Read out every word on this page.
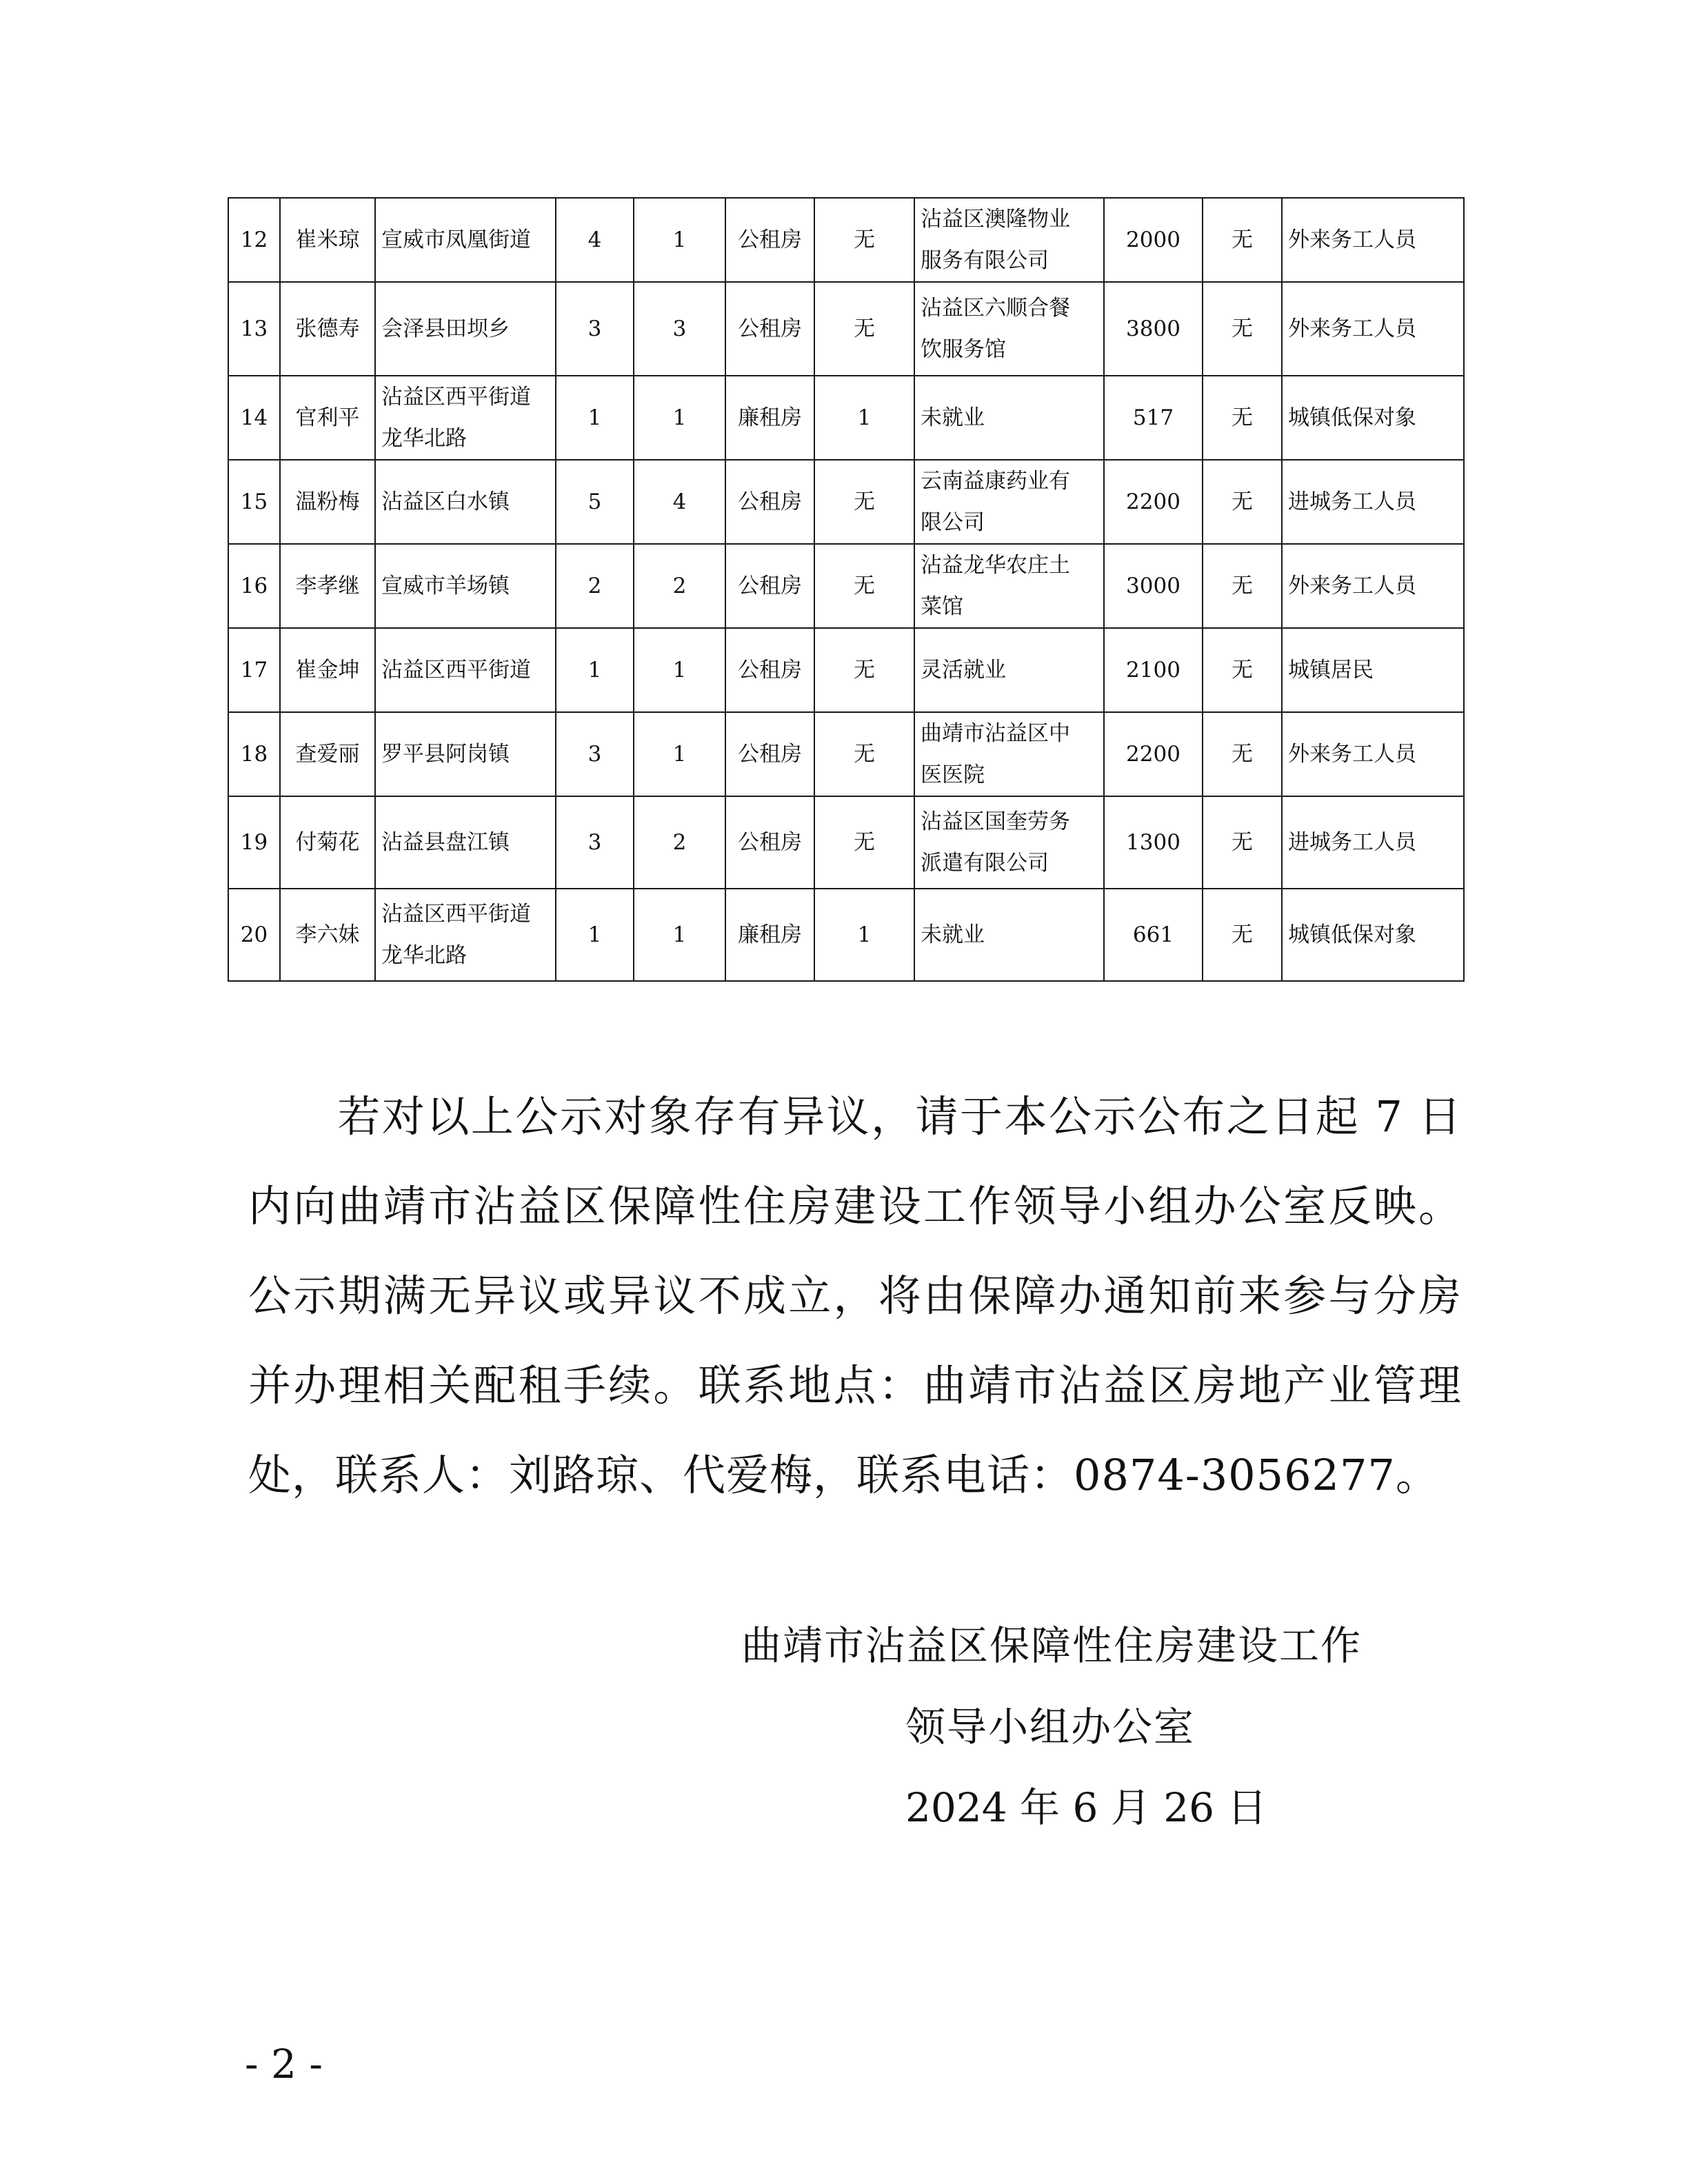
12	崔米琼	宣威市凤凰街道	4	1	公租房	无	沾益区澳隆物业
服务有限公司	2000	无	外来务工人员
13	张德寿	会泽县田坝乡	3	3	公租房	无	沾益区六顺合餐
饮服务馆	3800	无	外来务工人员
14	官利平	沾益区西平街道
龙华北路	1	1	廉租房	1	未就业	517	无	城镇低保对象
15	温粉梅	沾益区白水镇	5	4	公租房	无	云南益康药业有
限公司	2200	无	进城务工人员
16	李孝继	宣威市羊场镇	2	2	公租房	无	沾益龙华农庄土
菜馆	3000	无	外来务工人员
17	崔金坤	沾益区西平街道	1	1	公租房	无	灵活就业	2100	无	城镇居民
18	查爱丽	罗平县阿岗镇	3	1	公租房	无	曲靖市沾益区中
医医院	2200	无	外来务工人员
19	付菊花	沾益县盘江镇	3	2	公租房	无	沾益区国奎劳务
派遣有限公司	1300	无	进城务工人员
20	李六妹	沾益区西平街道
龙华北路	1	1	廉租房	1	未就业	661	无	城镇低保对象
若对以上公示对象存有异议，请于本公示公布之日起 7 日内向曲靖市沾益区保障性住房建设工作领导小组办公室反映。公示期满无异议或异议不成立，将由保障办通知前来参与分房并办理相关配租手续。联系地点：曲靖市沾益区房地产业管理处，联系人：刘路琼、代爱梅，联系电话：0874-3056277。
曲靖市沾益区保障性住房建设工作
领导小组办公室
2024 年 6 月 26 日
- 2 -
